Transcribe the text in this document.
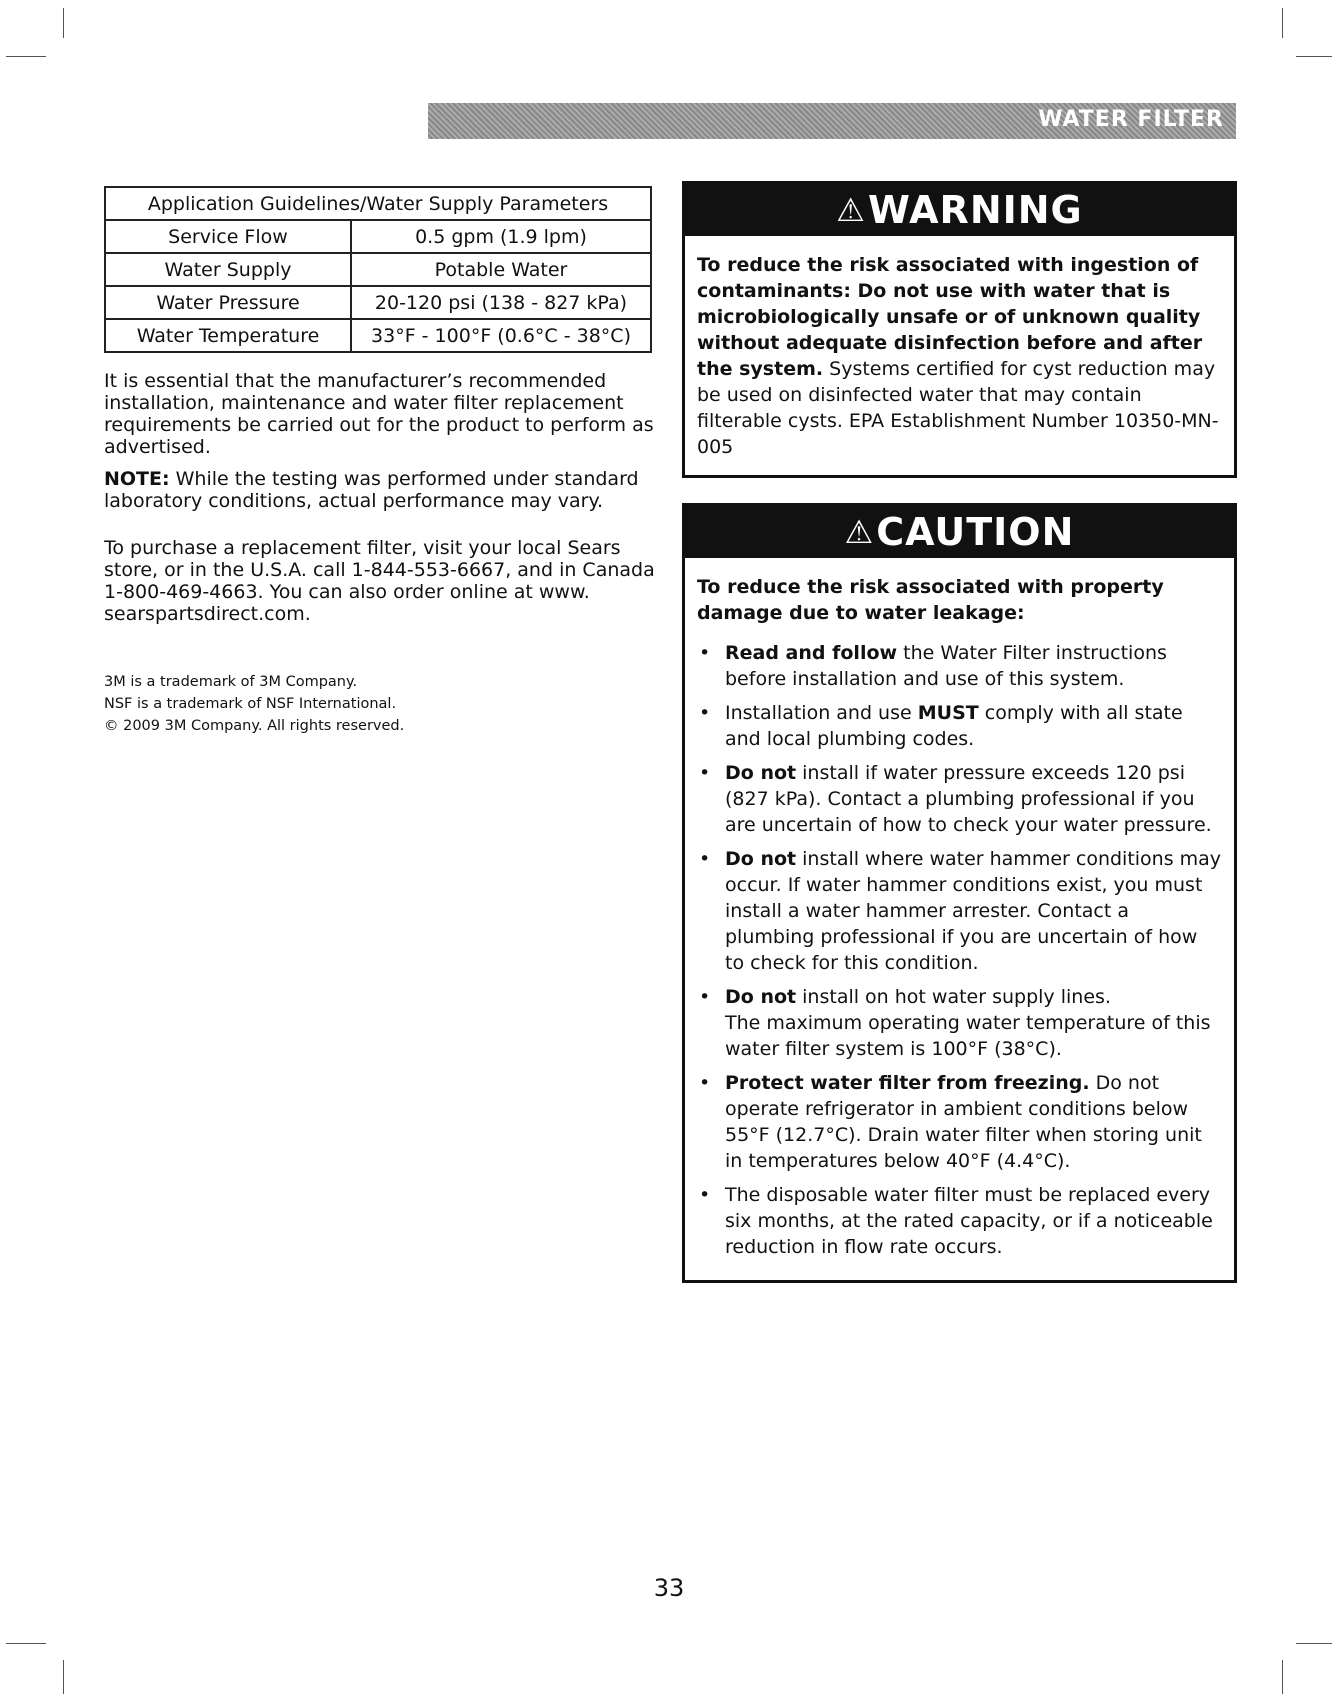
WATER FILTER
Application Guidelines/Water Supply Parameters	
Service Flow	0.5 gpm (1.9 lpm)
Water Supply	Potable Water
Water Pressure	20-120 psi (138 - 827 kPa)
Water Temperature	33°F - 100°F (0.6°C - 38°C)

It is essential that the manufacturer’s recommended installation, maintenance and water filter replacement requirements be carried out for the product to perform as advertised.

NOTE: While the testing was performed under standard laboratory conditions, actual performance may vary.

To purchase a replacement filter, visit your local Sears store, or in the U.S.A. call 1-844-553-6667, and in Canada 1-800-469-4663. You can also order online at www. searspartsdirect.com.

3M is a trademark of 3M Company.

NSF is a trademark of NSF International.

© 2009 3M Company. All rights reserved.

⚠WARNING

To reduce the risk associated with ingestion of contaminants: Do not use with water that is microbiologically unsafe or of unknown quality without adequate disinfection before and after the system. Systems certified for cyst reduction may be used on disinfected water that may contain filterable cysts. EPA Establishment Number 10350-MN-005

⚠CAUTION

To reduce the risk associated with property damage due to water leakage:

• Read and follow the Water Filter instructions before installation and use of this system.
• Installation and use MUST comply with all state and local plumbing codes.
• Do not install if water pressure exceeds 120 psi (827 kPa). Contact a plumbing professional if you are uncertain of how to check your water pressure.
• Do not install where water hammer conditions may occur. If water hammer conditions exist, you must install a water hammer arrester. Contact a plumbing professional if you are uncertain of how to check for this condition.
• Do not install on hot water supply lines.
The maximum operating water temperature of this water filter system is 100°F (38°C).
• Protect water filter from freezing. Do not operate refrigerator in ambient conditions below 55°F (12.7°C). Drain water filter when storing unit in temperatures below 40°F (4.4°C).
• The disposable water filter must be replaced every six months, at the rated capacity, or if a noticeable reduction in flow rate occurs.
33
